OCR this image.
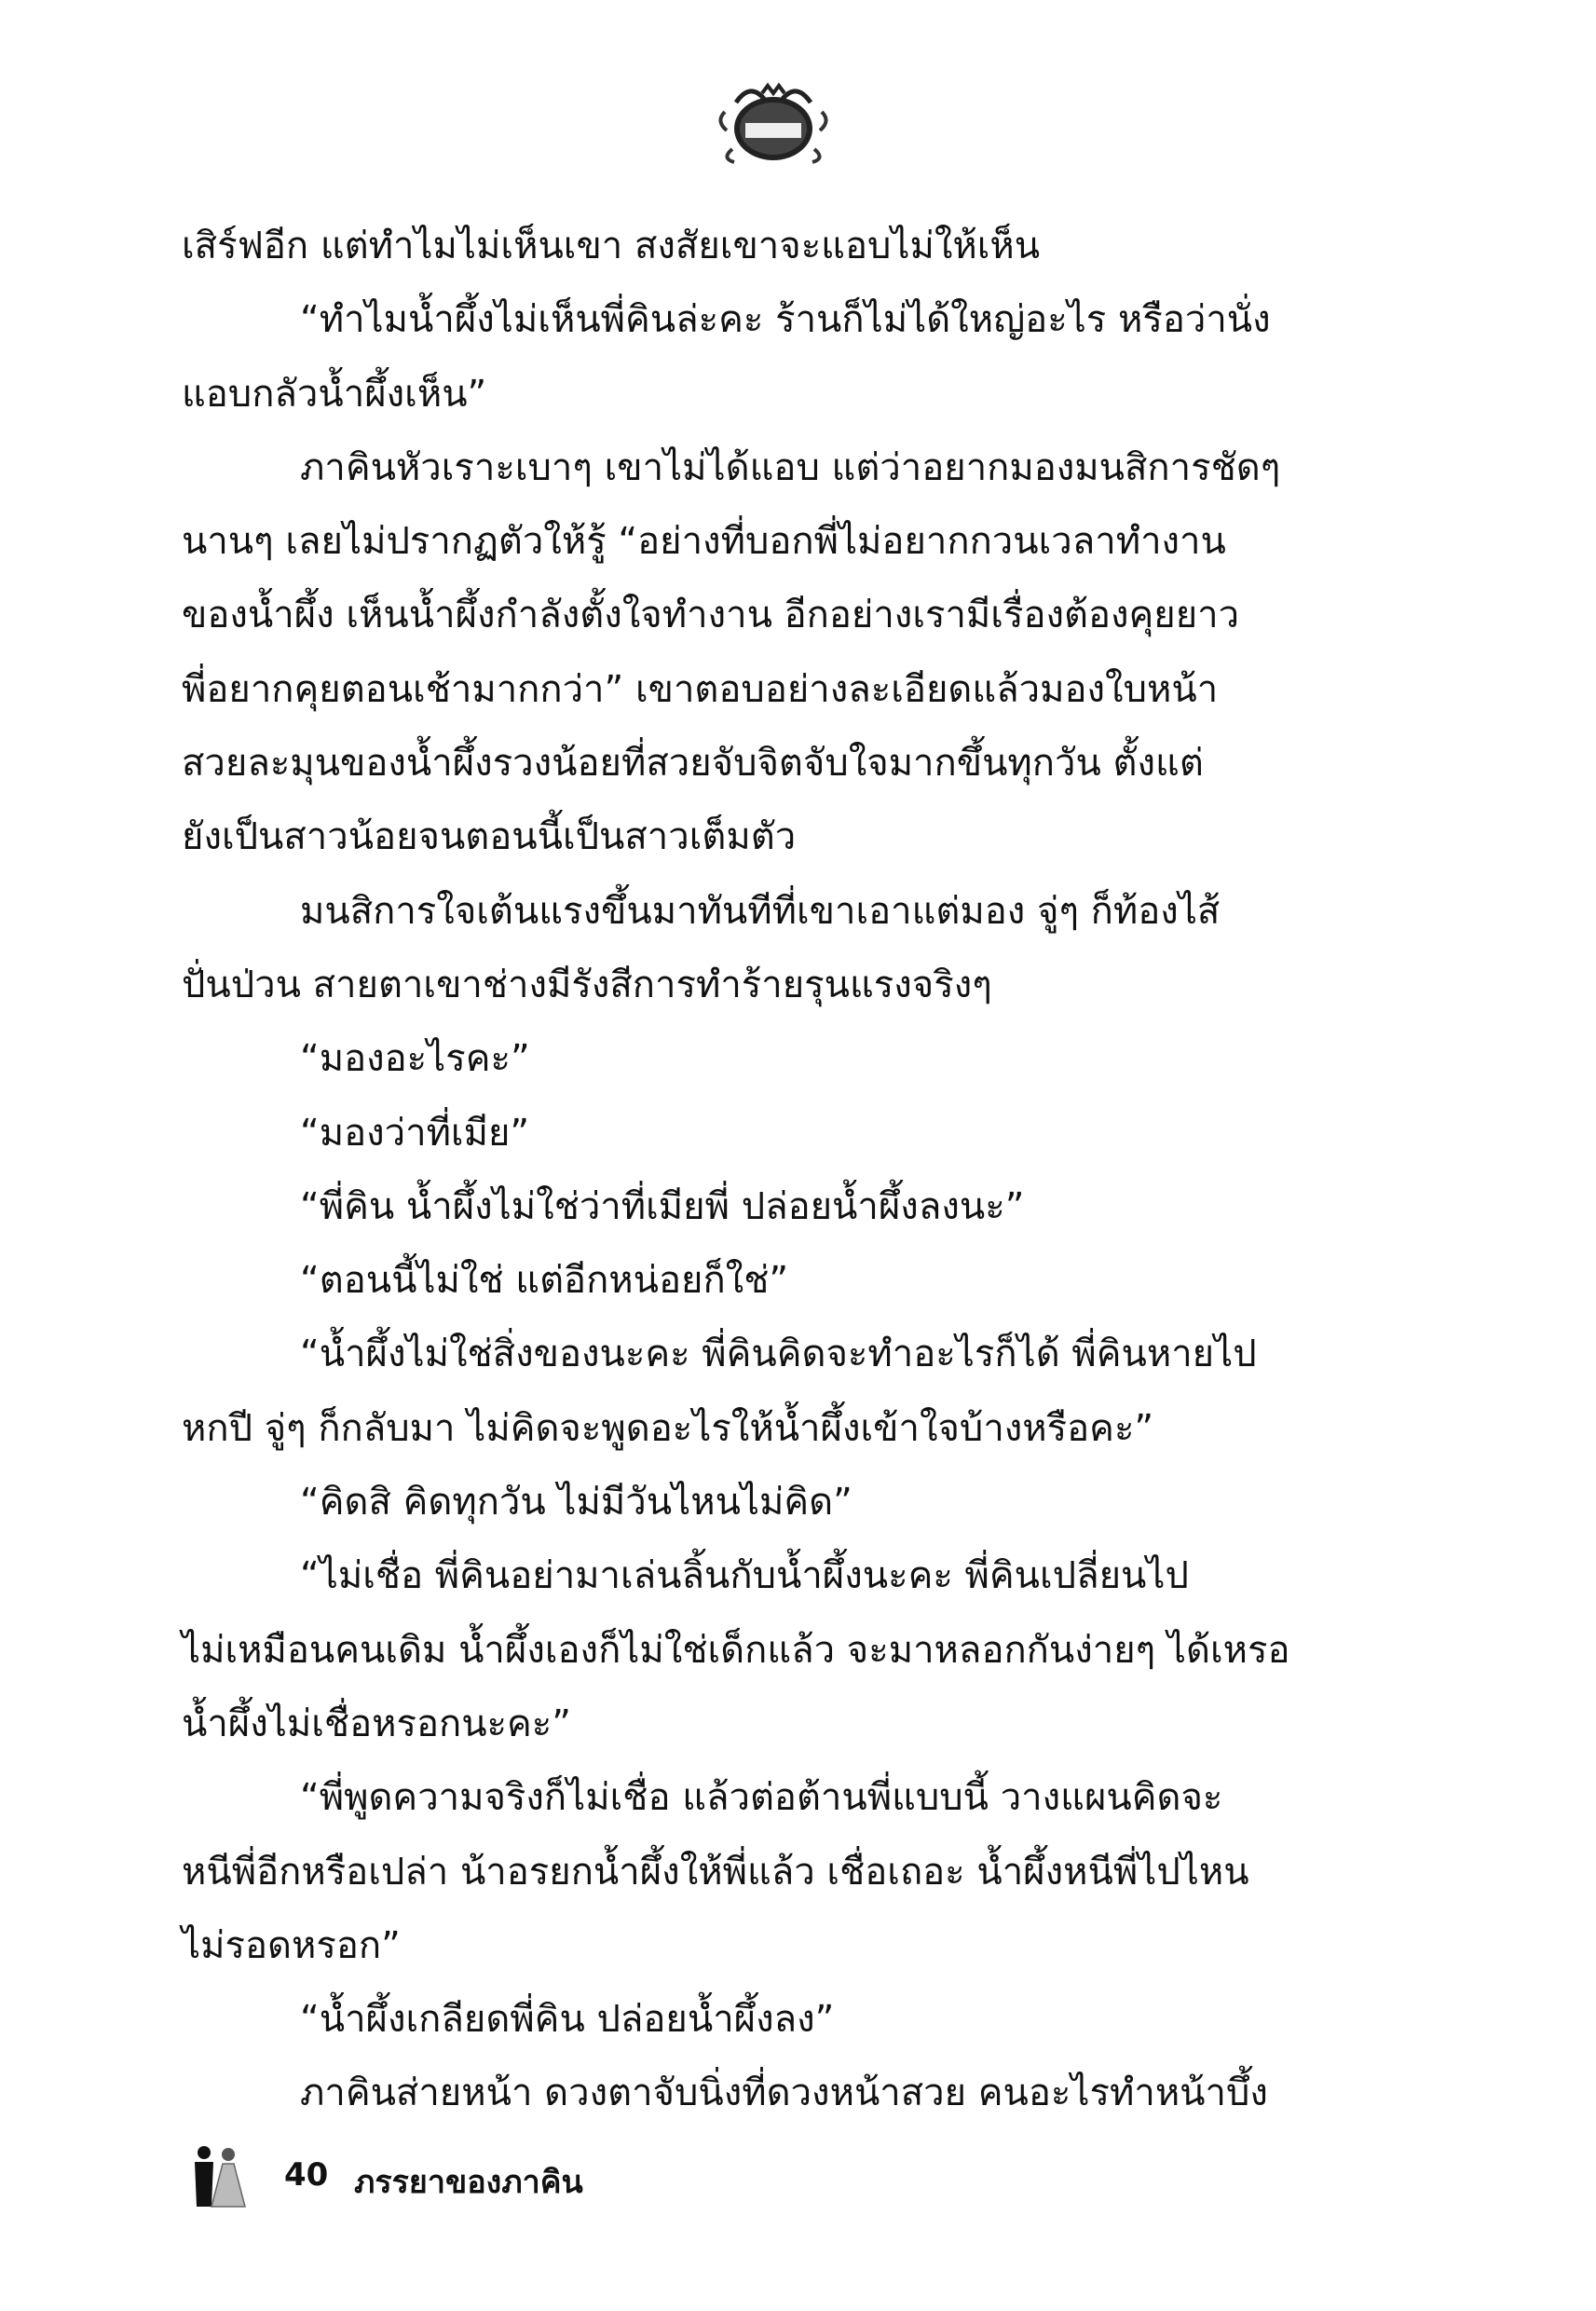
เสิร์ฟอีก แต่ทำไมไม่เห็นเขา สงสัยเขาจะแอบไม่ให้เห็น
“ทำไมน้ำผึ้งไม่เห็นพี่คินล่ะคะ ร้านก็ไม่ได้ใหญ่อะไร หรือว่านั่ง
แอบกลัวน้ำผึ้งเห็น”
ภาคินหัวเราะเบาๆ เขาไม่ได้แอบ แต่ว่าอยากมองมนสิการชัดๆ
นานๆ เลยไม่ปรากฏตัวให้รู้ “อย่างที่บอกพี่ไม่อยากกวนเวลาทำงาน
ของน้ำผึ้ง เห็นน้ำผึ้งกำลังตั้งใจทำงาน อีกอย่างเรามีเรื่องต้องคุยยาว
พี่อยากคุยตอนเช้ามากกว่า” เขาตอบอย่างละเอียดแล้วมองใบหน้า
สวยละมุนของน้ำผึ้งรวงน้อยที่สวยจับจิตจับใจมากขึ้นทุกวัน ตั้งแต่
ยังเป็นสาวน้อยจนตอนนี้เป็นสาวเต็มตัว
มนสิการใจเต้นแรงขึ้นมาทันทีที่เขาเอาแต่มอง จู่ๆ ก็ท้องไส้
ปั่นป่วน สายตาเขาช่างมีรังสีการทำร้ายรุนแรงจริงๆ
“มองอะไรคะ”
“มองว่าที่เมีย”
“พี่คิน น้ำผึ้งไม่ใช่ว่าที่เมียพี่ ปล่อยน้ำผึ้งลงนะ”
“ตอนนี้ไม่ใช่ แต่อีกหน่อยก็ใช่”
“น้ำผึ้งไม่ใช่สิ่งของนะคะ พี่คินคิดจะทำอะไรก็ได้ พี่คินหายไป
หกปี จู่ๆ ก็กลับมา ไม่คิดจะพูดอะไรให้น้ำผึ้งเข้าใจบ้างหรือคะ”
“คิดสิ คิดทุกวัน ไม่มีวันไหนไม่คิด”
“ไม่เชื่อ พี่คินอย่ามาเล่นลิ้นกับน้ำผึ้งนะคะ พี่คินเปลี่ยนไป
ไม่เหมือนคนเดิม น้ำผึ้งเองก็ไม่ใช่เด็กแล้ว จะมาหลอกกันง่ายๆ ได้เหรอ
น้ำผึ้งไม่เชื่อหรอกนะคะ”
“พี่พูดความจริงก็ไม่เชื่อ แล้วต่อต้านพี่แบบนี้ วางแผนคิดจะ
หนีพี่อีกหรือเปล่า น้าอรยกน้ำผึ้งให้พี่แล้ว เชื่อเถอะ น้ำผึ้งหนีพี่ไปไหน
ไม่รอดหรอก”
“น้ำผึ้งเกลียดพี่คิน ปล่อยน้ำผึ้งลง”
ภาคินส่ายหน้า ดวงตาจับนิ่งที่ดวงหน้าสวย คนอะไรทำหน้าบึ้ง
40 ภรรยาของภาคิน
